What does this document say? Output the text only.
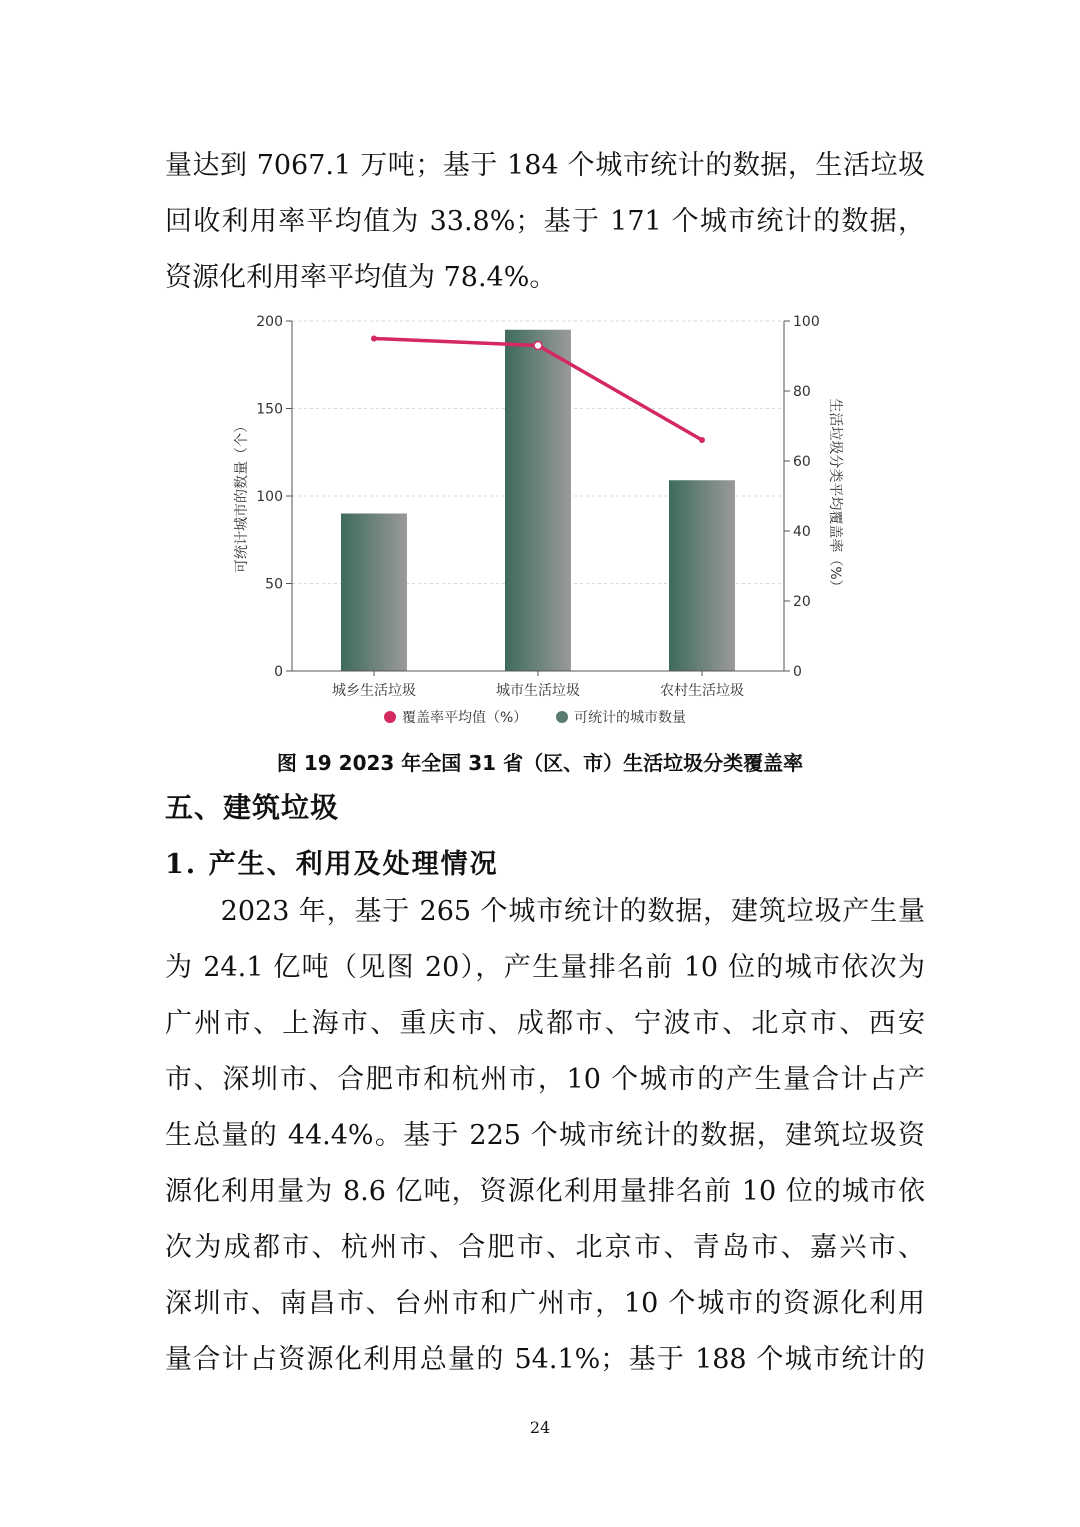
量达到 7067.1 万吨；基于 184 个城市统计的数据，生活垃圾
回收利用率平均值为 33.8%；基于 171 个城市统计的数据，
资源化利用率平均值为 78.4%。
0
50
100
150
200
0
20
40
60
80
100
城乡生活垃圾	城市生活垃圾	农村生活垃圾
可统计城市的数量（个）	生活垃圾分类平均覆盖率（%）
覆盖率平均值（%）	可统计的城市数量

图 19 2023 年全国 31 省（区、市）生活垃圾分类覆盖率

五、建筑垃圾

1. 产生、利用及处理情况

　　2023 年，基于 265 个城市统计的数据，建筑垃圾产生量
为 24.1 亿吨（见图 20），产生量排名前 10 位的城市依次为
广州市、上海市、重庆市、成都市、宁波市、北京市、西安
市、深圳市、合肥市和杭州市，10 个城市的产生量合计占产
生总量的 44.4%。基于 225 个城市统计的数据，建筑垃圾资
源化利用量为 8.6 亿吨，资源化利用量排名前 10 位的城市依
次为成都市、杭州市、合肥市、北京市、青岛市、嘉兴市、
深圳市、南昌市、台州市和广州市，10 个城市的资源化利用
量合计占资源化利用总量的 54.1%；基于 188 个城市统计的
24
